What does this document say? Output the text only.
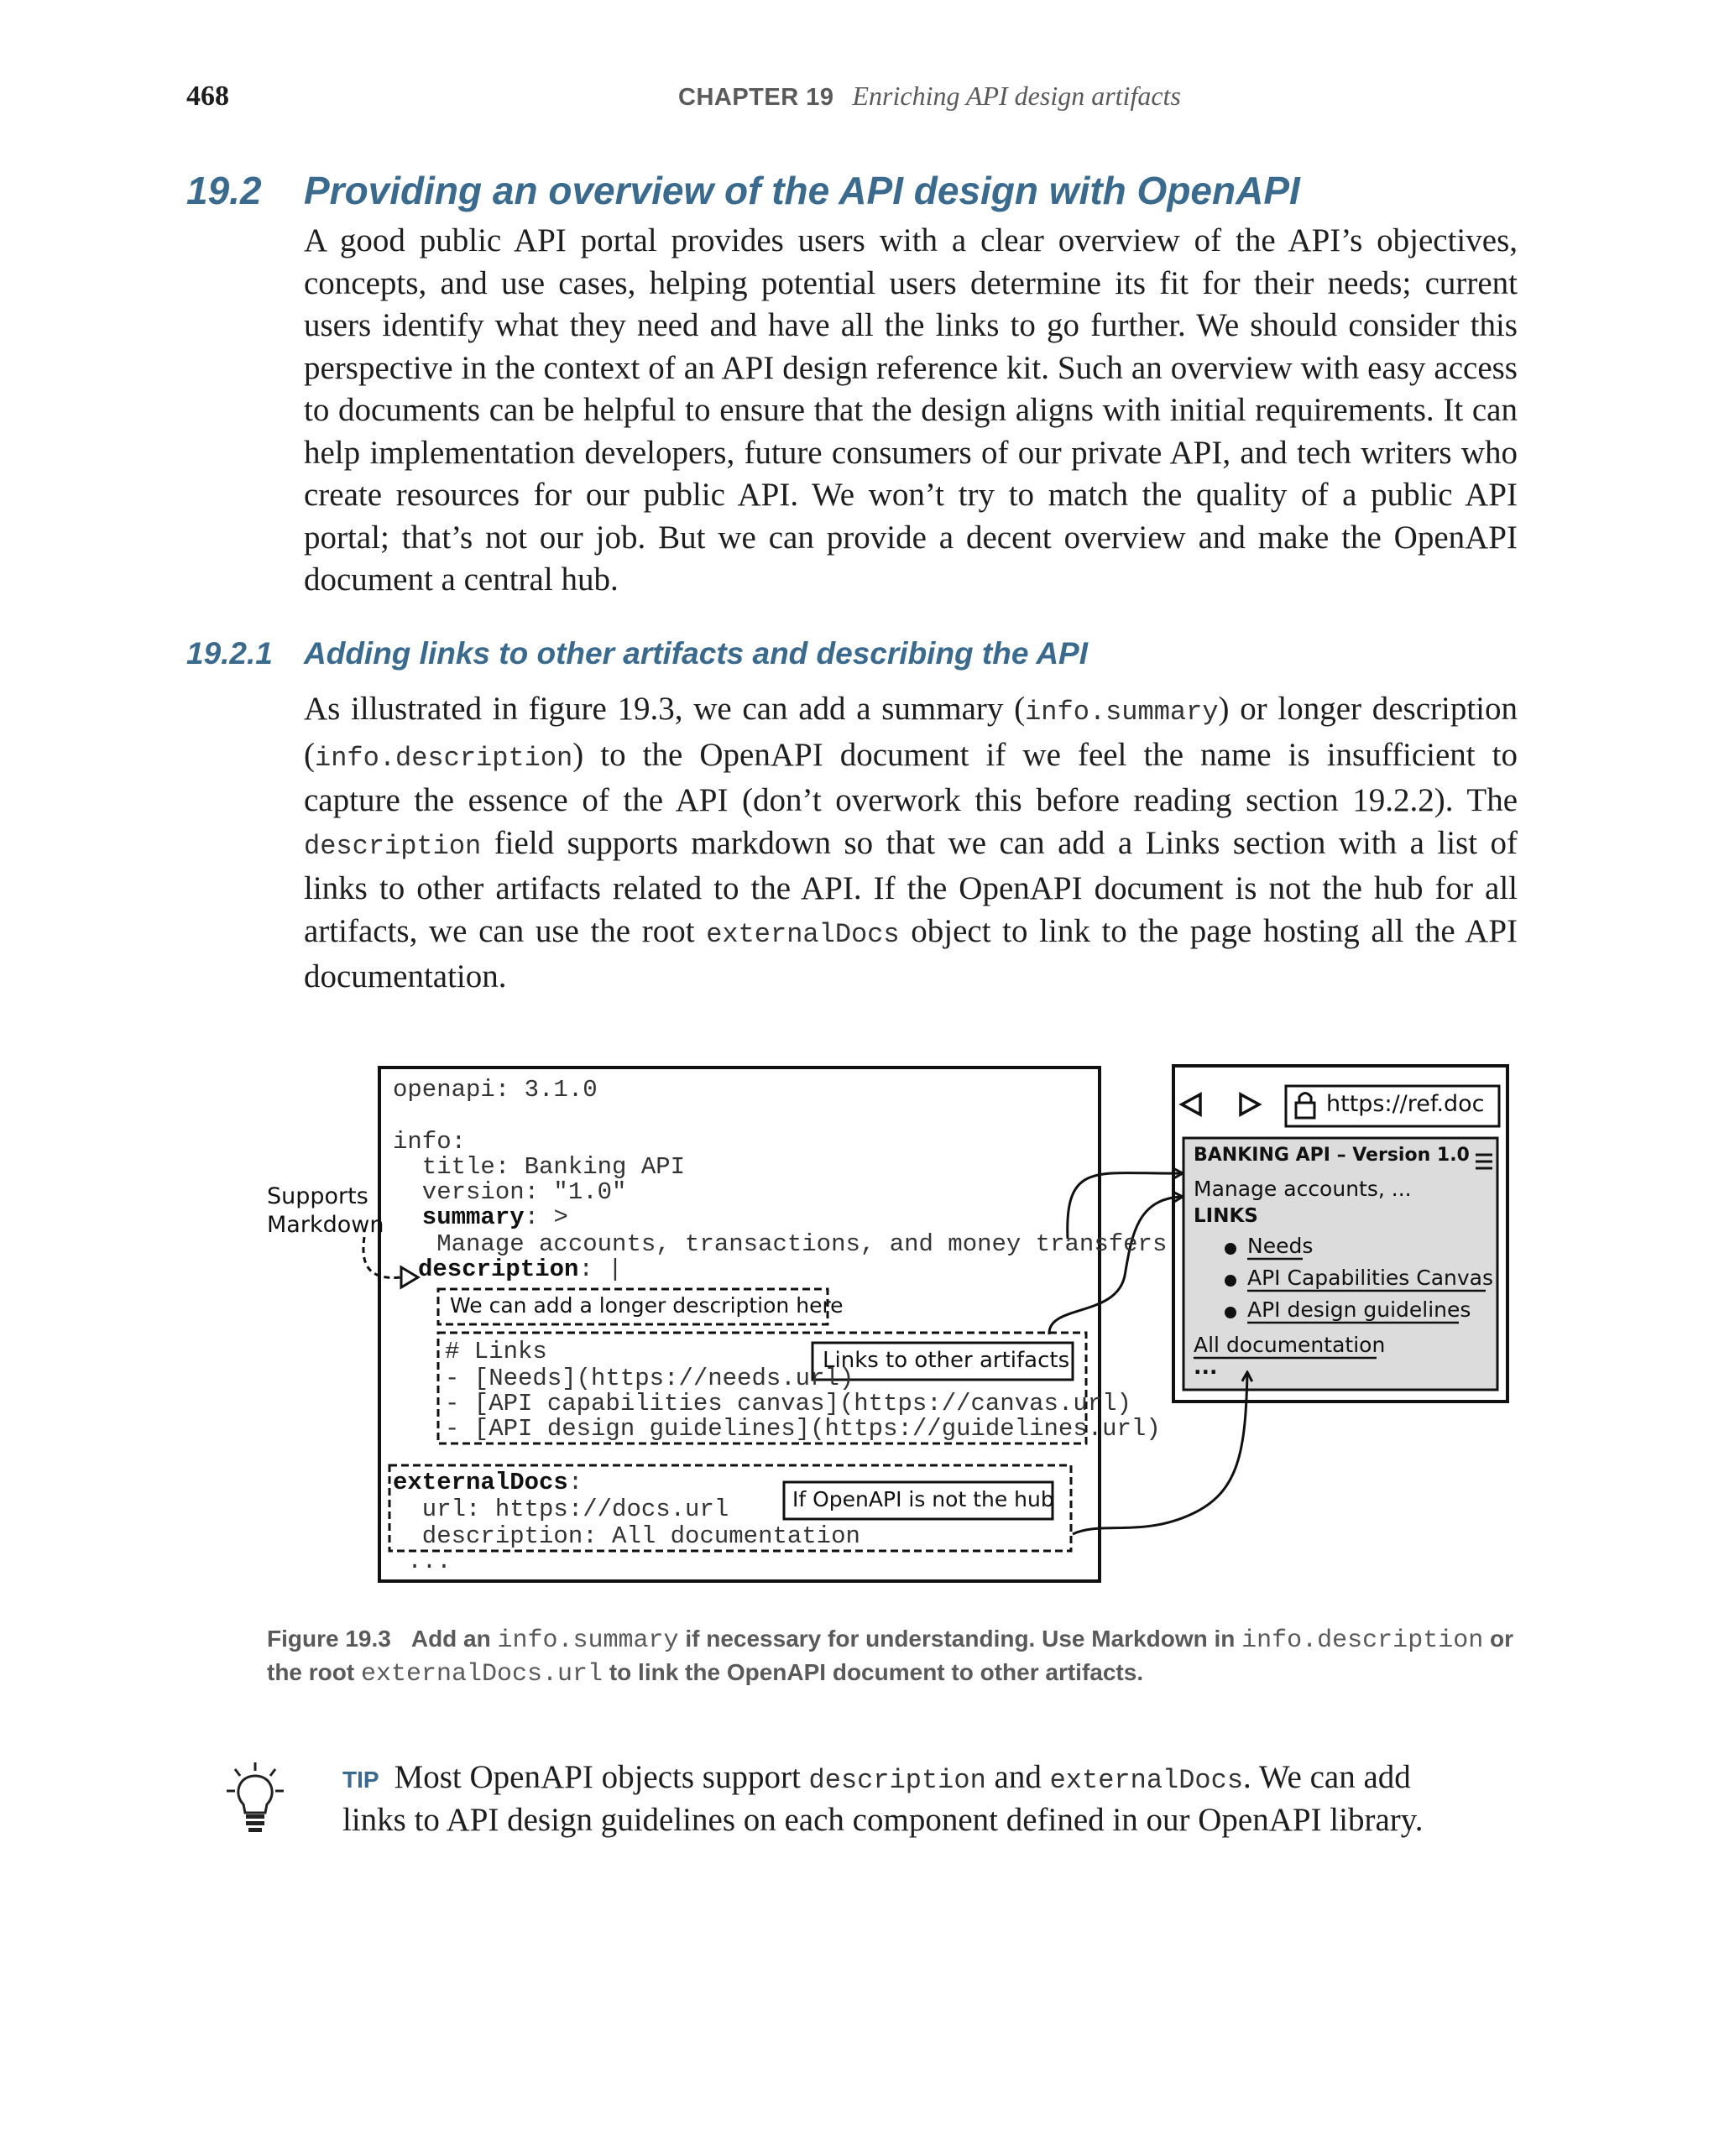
468	CHAPTER 19 Enriching API design artifacts
19.2 Providing an overview of the API design with OpenAPI
A good public API portal provides users with a clear overview of the API’s objectives, concepts, and use cases, helping potential users determine its fit for their needs; current users identify what they need and have all the links to go further. We should consider this perspective in the context of an API design reference kit. Such an overview with easy access to documents can be helpful to ensure that the design aligns with initial requirements. It can help implementation developers, future consumers of our private API, and tech writers who create resources for our public API. We won’t try to match the quality of a public API portal; that’s not our job. But we can provide a decent overview and make the OpenAPI document a central hub.
19.2.1 Adding links to other artifacts and describing the API
As illustrated in figure 19.3, we can add a summary (info.summary) or longer description (info.description) to the OpenAPI document if we feel the name is insufficient to capture the essence of the API (don’t overwork this before reading section 19.2.2). The description field supports markdown so that we can add a Links section with a list of links to other artifacts related to the API. If the OpenAPI document is not the hub for all artifacts, we can use the root externalDocs object to link to the page hosting all the API documentation.
openapi: 3.1.0
info:
title: Banking API
version: "1.0"
summary: >
Manage accounts, transactions, and money transfers
description: |
# Links
- [Needs](https://needs.url)
- [API capabilities canvas](https://canvas.url)
- [API design guidelines](https://guidelines.url)
externalDocs:
url: https://docs.url
description: All documentation
...
Supports
Markdown
We can add a longer description here
Links to other artifacts
If OpenAPI is not the hub
https://ref.doc
BANKING API – Version 1.0
Manage accounts, ...
LINKS
Needs
API Capabilities Canvas
API design guidelines
All documentation
...
Figure 19.3 Add an info.summary if necessary for understanding. Use Markdown in info.description or the root externalDocs.url to link the OpenAPI document to other artifacts.
TIP Most OpenAPI objects support description and externalDocs. We can add links to API design guidelines on each component defined in our OpenAPI library.
